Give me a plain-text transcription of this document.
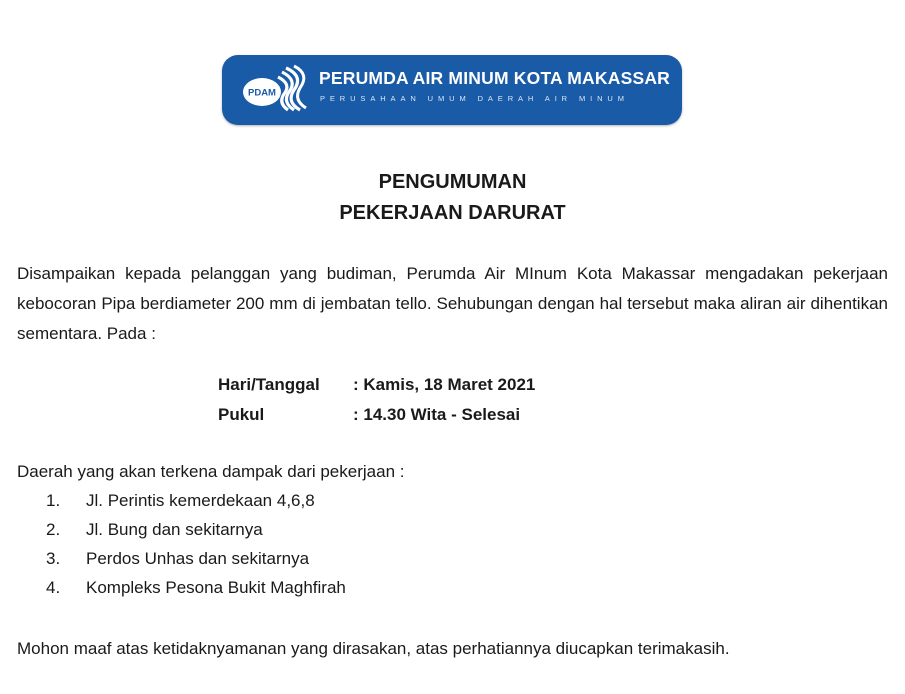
PDAM
PERUMDA AIR MINUM KOTA MAKASSAR
PERUSAHAAN UMUM DAERAH AIR MINUM
PENGUMUMAN
PEKERJAAN DARURAT

Disampaikan kepada pelanggan yang budiman, Perumda Air MInum Kota Makassar mengadakan pekerjaan kebocoran Pipa berdiameter 200 mm di jembatan tello. Sehubungan dengan hal tersebut maka aliran air dihentikan sementara. Pada :

Hari/Tanggal : Kamis, 18 Maret 2021
Pukul	: 14.30 Wita - Selesai

Daerah yang akan terkena dampak dari pekerjaan :

1. Jl. Perintis kemerdekaan 4,6,8
2. Jl. Bung dan sekitarnya
3. Perdos Unhas dan sekitarnya
4. Kompleks Pesona Bukit Maghfirah

Mohon maaf atas ketidaknyamanan yang dirasakan, atas perhatiannya diucapkan terimakasih.
